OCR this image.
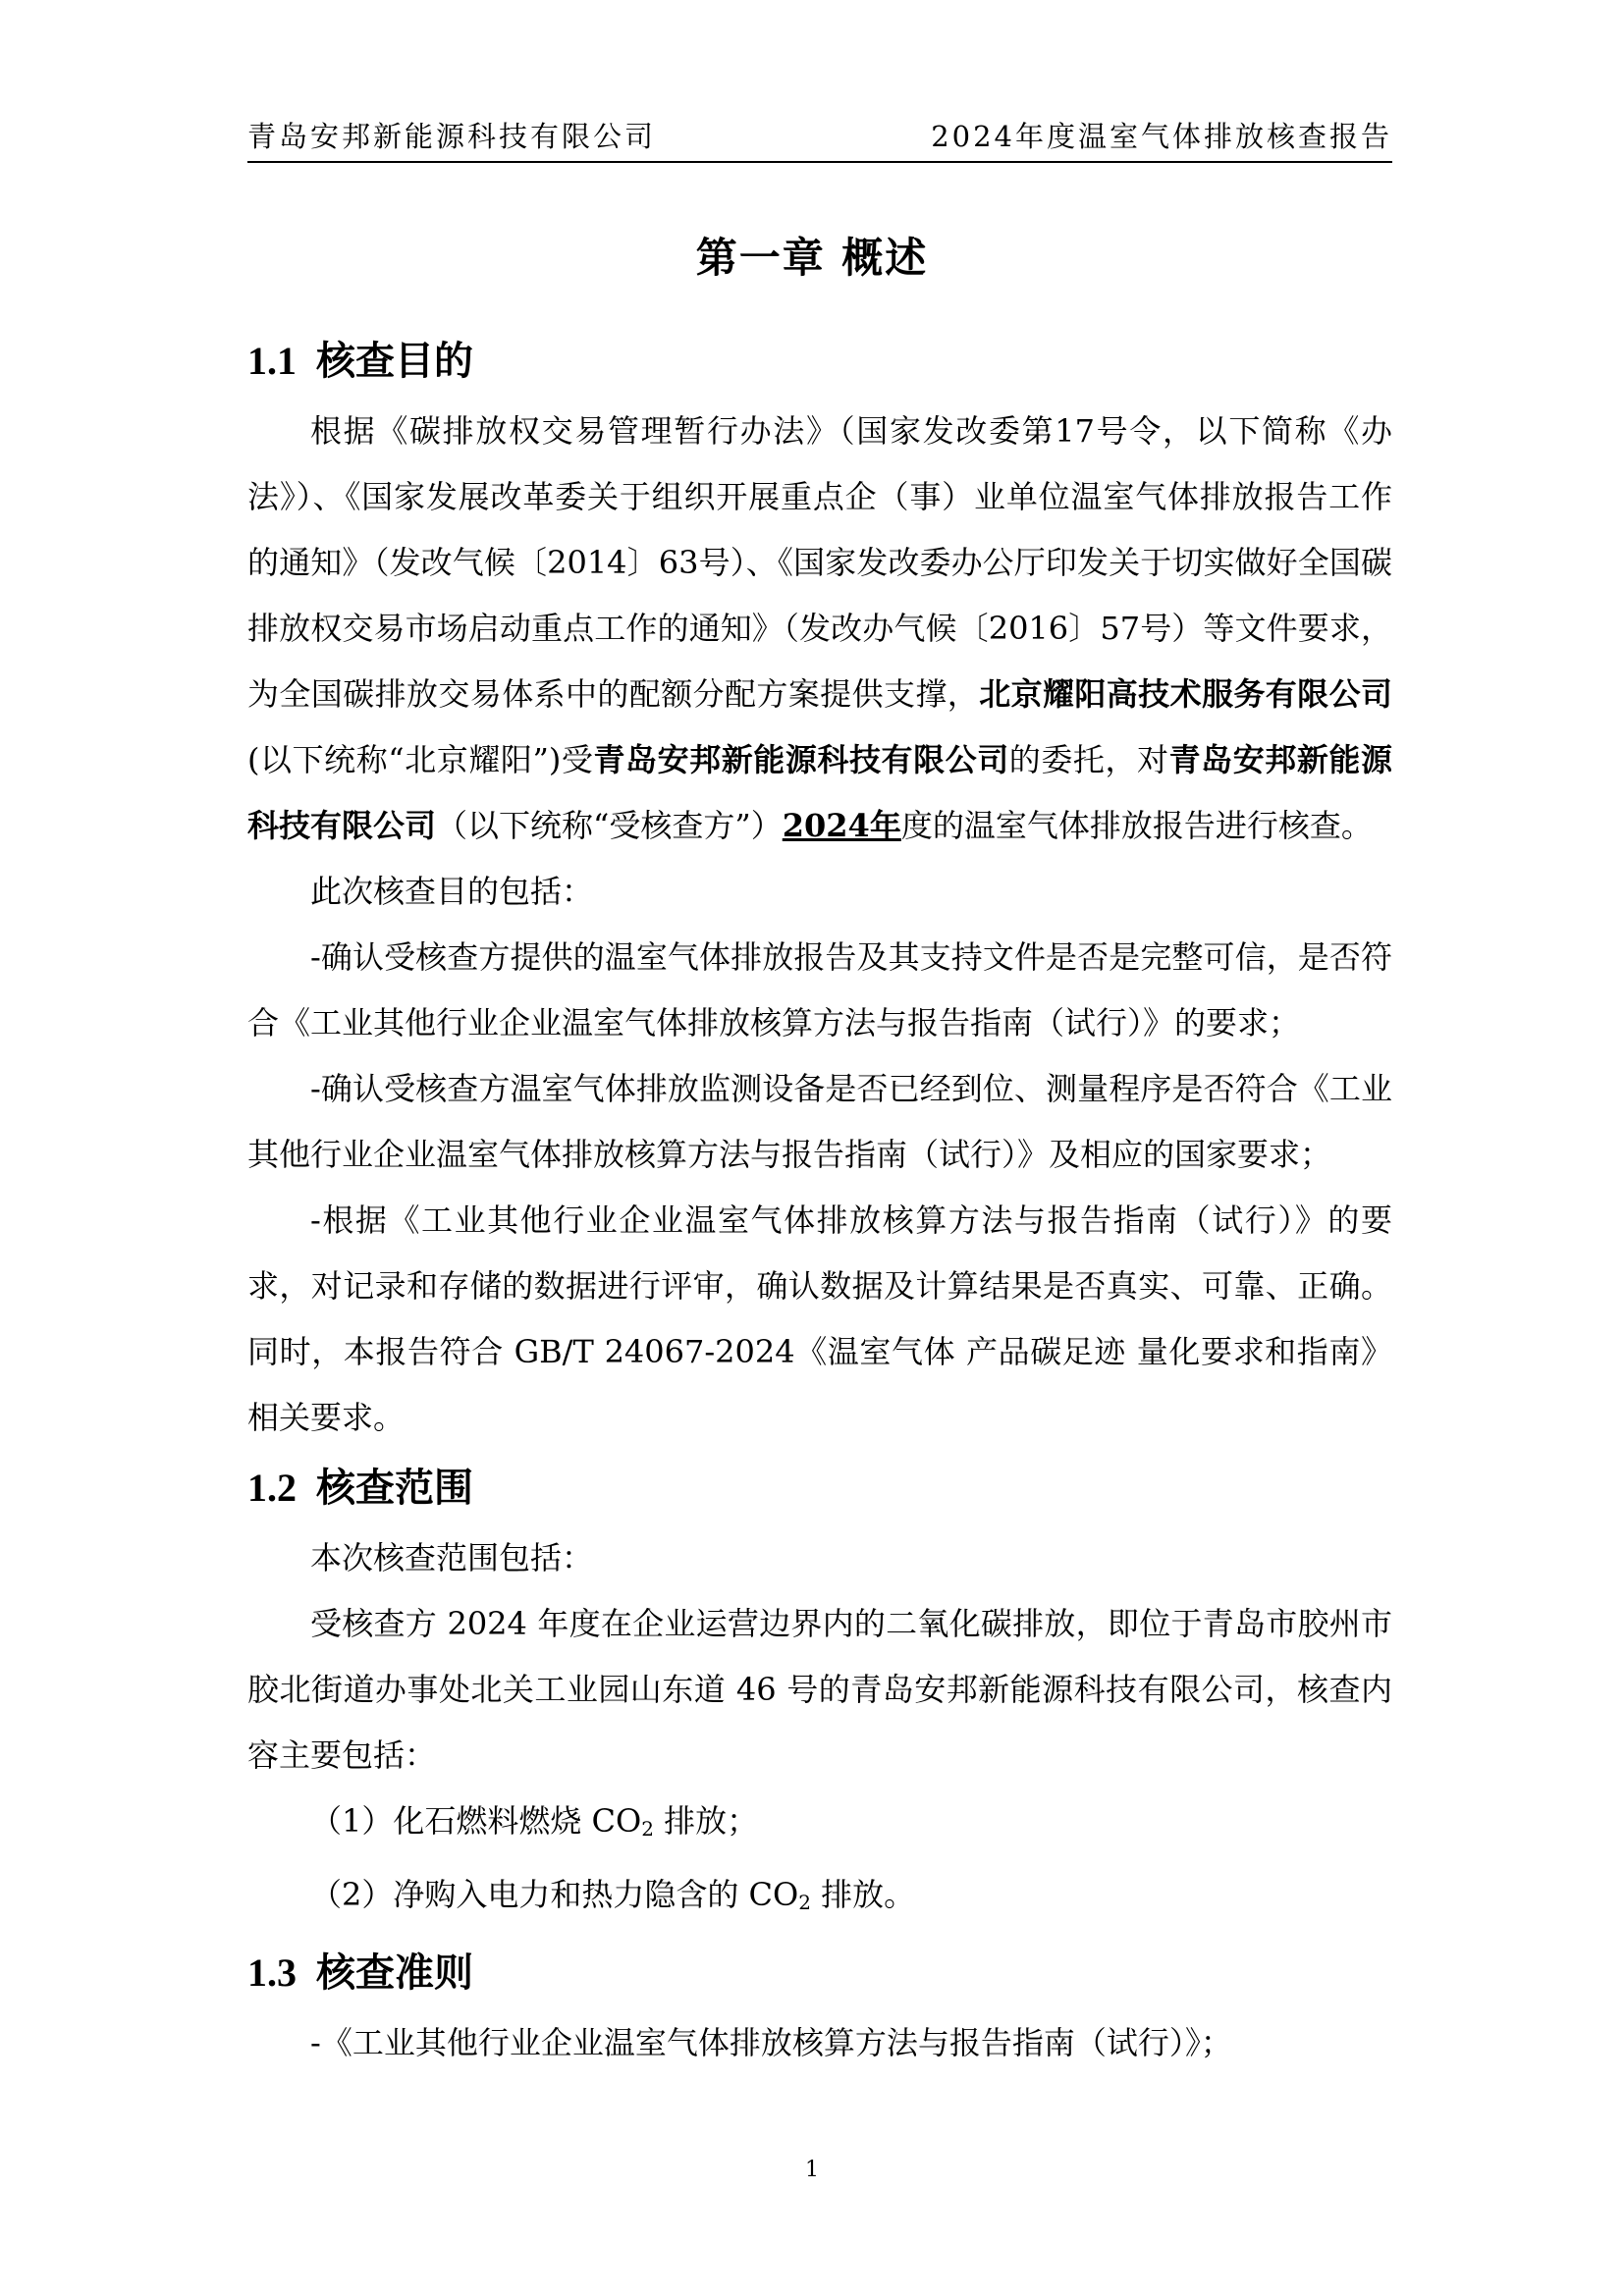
青岛安邦新能源科技有限公司	2024年度温室气体排放核查报告
第一章 概述
1.1 核查目的

根据《碳排放权交易管理暂行办法》（国家发改委第17号令，以下简称《办法》）、《国家发展改革委关于组织开展重点企（事）业单位温室气体排放报告工作的通知》（发改气候〔2014〕63号）、《国家发改委办公厅印发关于切实做好全国碳排放权交易市场启动重点工作的通知》（发改办气候〔2016〕57号）等文件要求，为全国碳排放交易体系中的配额分配方案提供支撑，北京耀阳高技术服务有限公司 (以下统称“北京耀阳”)受青岛安邦新能源科技有限公司的委托，对青岛安邦新能源科技有限公司（以下统称“受核查方”）2024年度的温室气体排放报告进行核查。

此次核查目的包括：

-确认受核查方提供的温室气体排放报告及其支持文件是否是完整可信，是否符合《工业其他行业企业温室气体排放核算方法与报告指南（试行）》的要求；

-确认受核查方温室气体排放监测设备是否已经到位、测量程序是否符合《工业其他行业企业温室气体排放核算方法与报告指南（试行）》及相应的国家要求；

-根据《工业其他行业企业温室气体排放核算方法与报告指南（试行）》的要求，对记录和存储的数据进行评审，确认数据及计算结果是否真实、可靠、正确。同时，本报告符合 GB/T 24067-2024《温室气体 产品碳足迹 量化要求和指南》相关要求。

1.2 核查范围

本次核查范围包括：

受核查方 2024 年度在企业运营边界内的二氧化碳排放，即位于青岛市胶州市胶北街道办事处北关工业园山东道 46 号的青岛安邦新能源科技有限公司，核查内容主要包括：

（1）化石燃料燃烧 $CO_2$ 排放；

（2）净购入电力和热力隐含的 $CO_2$ 排放。

1.3 核查准则

-《工业其他行业企业温室气体排放核算方法与报告指南（试行）》；

1
